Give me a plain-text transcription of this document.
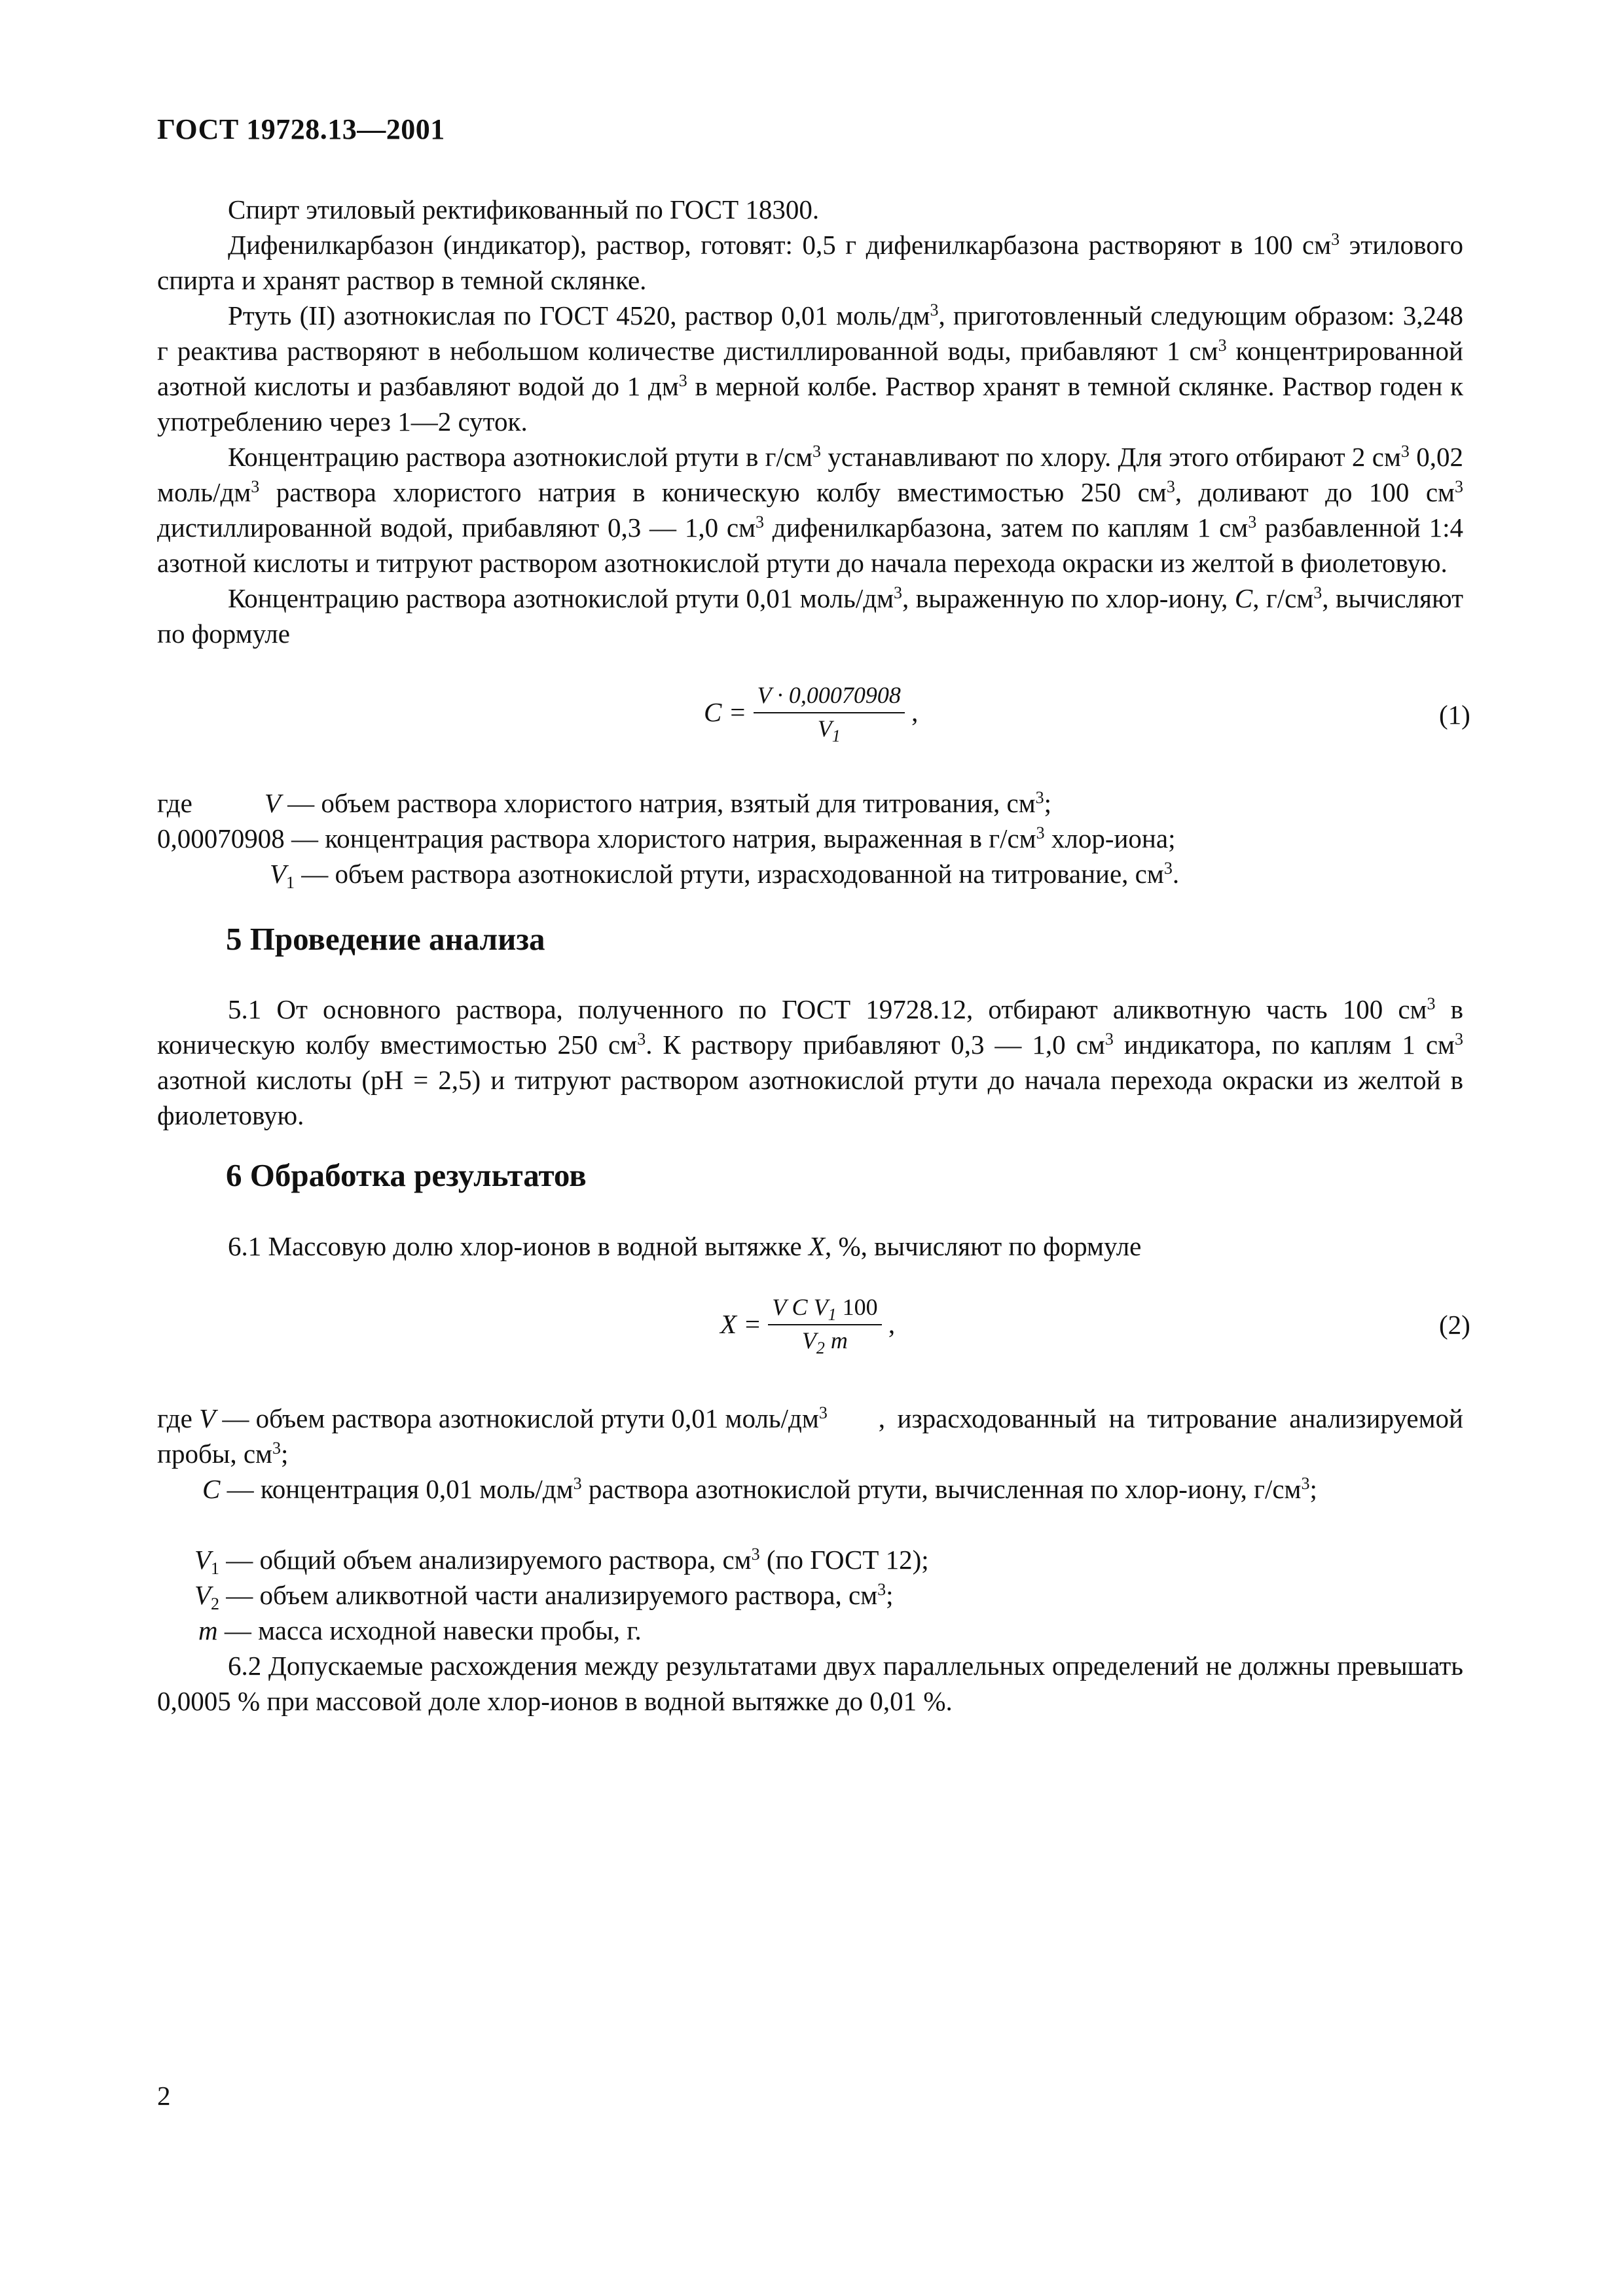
ГОСТ 19728.13—2001

Спирт этиловый ректификованный по ГОСТ 18300.

Дифенилкарбазон (индикатор), раствор, готовят: 0,5 г дифенилкарбазона растворяют в 100 $см^3$ этилового спирта и хранят раствор в темной склянке.

Ртуть (II) азотнокислая по ГОСТ 4520, раствор 0,01 моль/$дм^3$, приготовленный следующим образом: 3,248 г реактива растворяют в небольшом количестве дистиллированной воды, прибавляют 1 $см^3$ концентрированной азотной кислоты и разбавляют водой до 1 $дм^3$ в мерной колбе. Раствор хранят в темной склянке. Раствор годен к употреблению через 1—2 суток.

Концентрацию раствора азотнокислой ртути в $г/см^3$ устанавливают по хлору. Для этого отбирают 2 $см^3$ 0,02 моль/$дм^3$ раствора хлористого натрия в коническую колбу вместимостью 250 $см^3$, доливают до 100 $см^3$ дистиллированной водой, прибавляют 0,3 — 1,0 $см^3$ дифенилкарбазона, затем по каплям 1 $см^3$ разбавленной 1:4 азотной кислоты и титруют раствором азотнокислой ртути до начала перехода окраски из желтой в фиолетовую.

Концентрацию раствора азотнокислой ртути 0,01 моль/$дм^3$, выраженную по хлор-иону, C, $г/см^3$, вычисляют по формуле

$C = \frac{V \cdot 0,00070908}{V_1}$ ,	(1)
где	V — объем раствора хлористого натрия, взятый для титрования, $см^3$;
0,00070908 — концентрация раствора хлористого натрия, выраженная в $г/см^3$ хлор-иона;
$V_1$ — объем раствора азотнокислой ртути, израсходованной на титрование, $см^3$.
5 Проведение анализа

5.1 От основного раствора, полученного по ГОСТ 19728.12, отбирают аликвотную часть 100 $см^3$ в коническую колбу вместимостью 250 $см^3$. К раствору прибавляют 0,3 — 1,0 $см^3$ индикатора, по каплям 1 $см^3$ азотной кислоты (рН = 2,5) и титруют раствором азотнокислой ртути до начала перехода окраски из желтой в фиолетовую.

6 Обработка результатов

6.1 Массовую долю хлор-ионов в водной вытяжке X, %, вычисляют по формуле

$X = \frac{V C V_1 100}{V_2 m}$ ,	(2)
где V — объем раствора азотнокислой ртути 0,01 моль/$дм^3$	, израсходованный на титрование анализируемой пробы, $см^3$;
C — концентрация 0,01 моль/$дм^3$ раствора азотнокислой ртути, вычисленная по хлор-иону, $г/см^3$;
$V_1$ — общий объем анализируемого раствора, $см^3$ (по ГОСТ 12);
$V_2$ — объем аликвотной части анализируемого раствора, $см^3$;
m — масса исходной навески пробы, г.

6.2 Допускаемые расхождения между результатами двух параллельных определений не должны превышать 0,0005 % при массовой доле хлор-ионов в водной вытяжке до 0,01 %.

2
